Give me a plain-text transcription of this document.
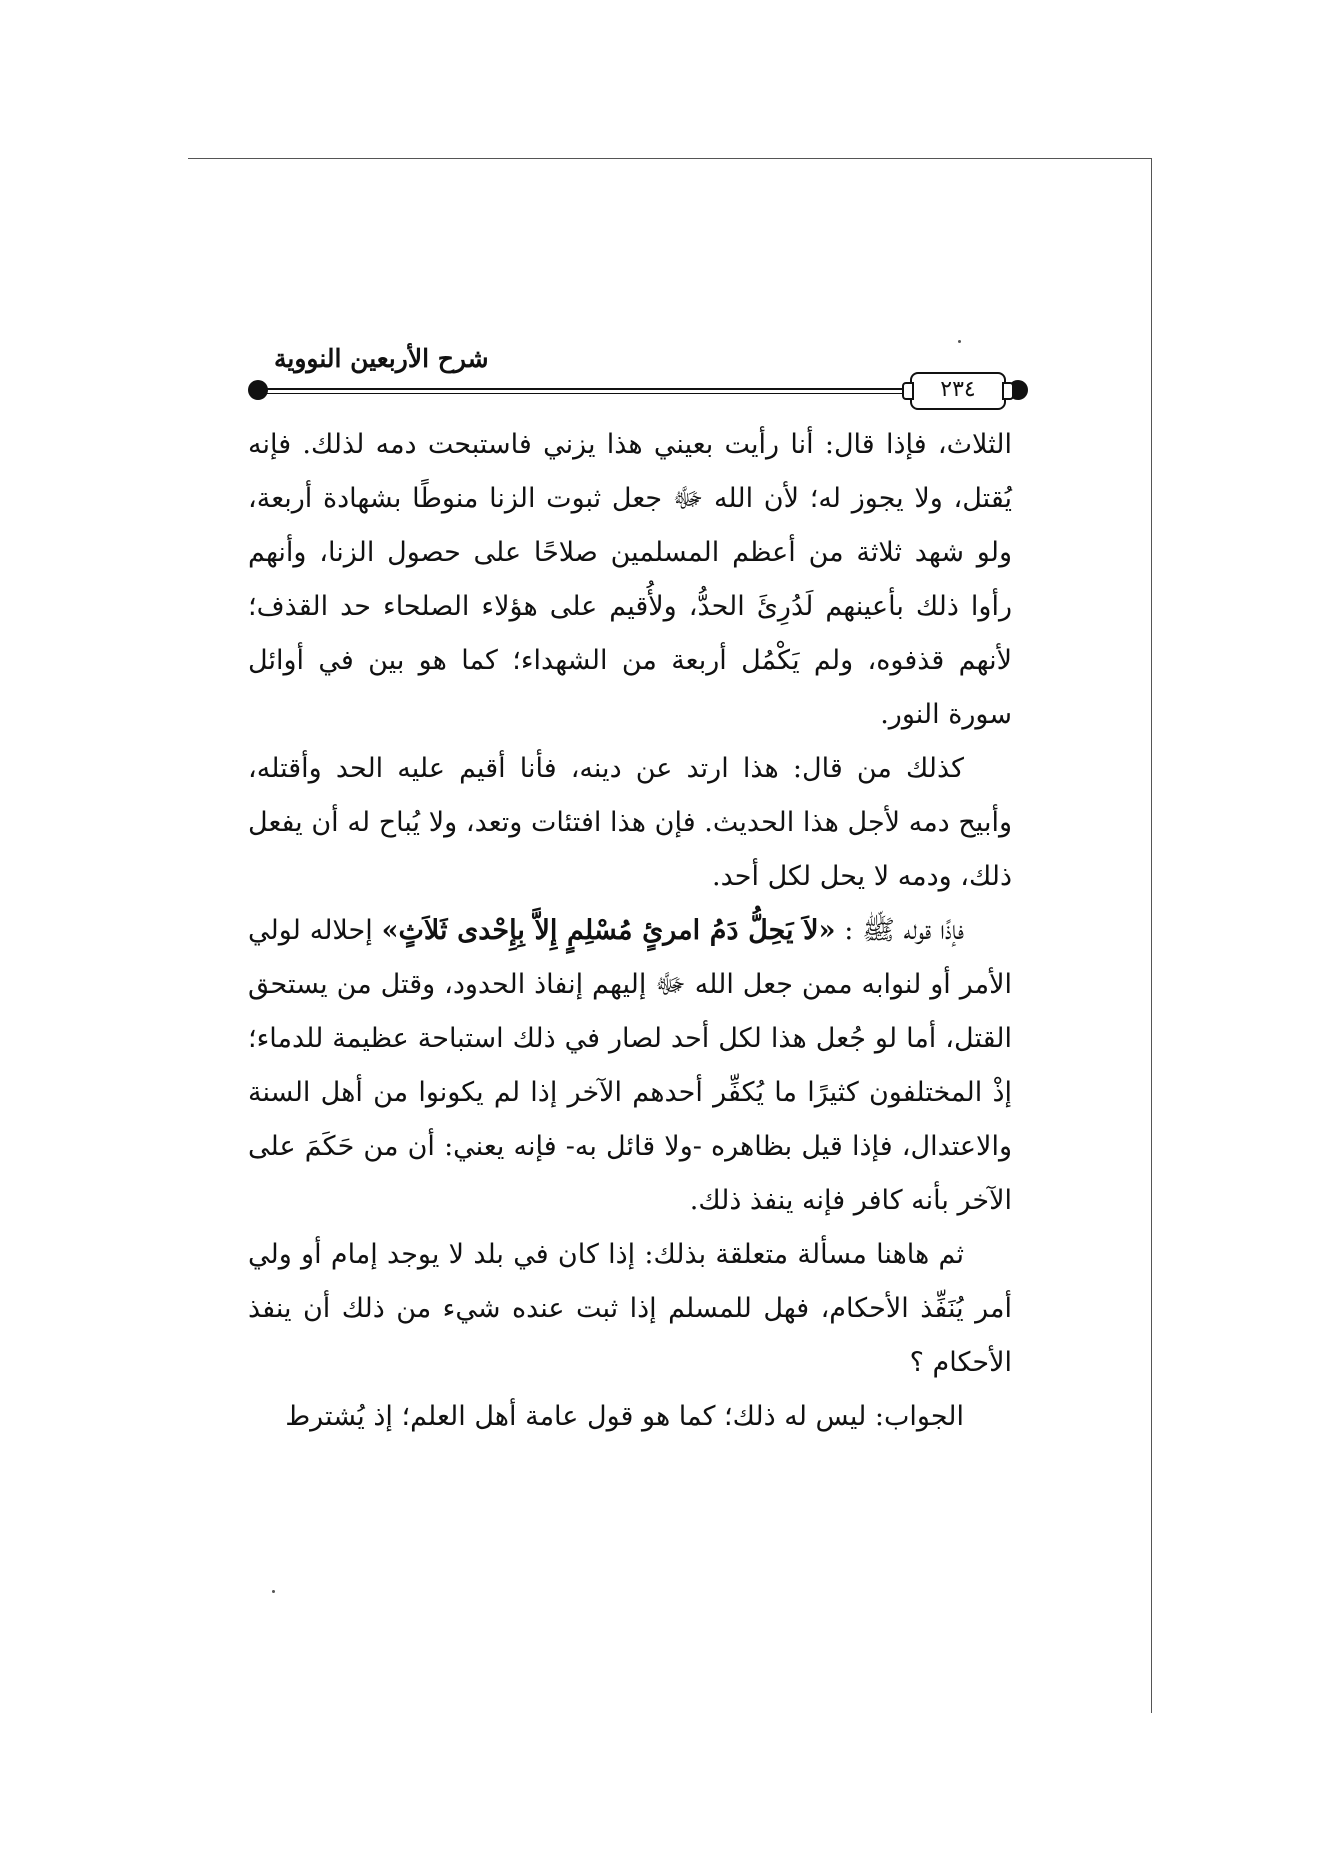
شرح الأربعين النووية
٢٣٤

الثلاث، فإذا قال: أنا رأيت بعيني هذا يزني فاستبحت دمه لذلك. فإنه يُقتل، ولا يجوز له؛ لأن الله ﷻ جعل ثبوت الزنا منوطًا بشهادة أربعة، ولو شهد ثلاثة من أعظم المسلمين صلاحًا على حصول الزنا، وأنهم رأوا ذلك بأعينهم لَدُرِئَ الحدُّ، ولأُقيم على هؤلاء الصلحاء حد القذف؛ لأنهم قذفوه، ولم يَكْمُل أربعة من الشهداء؛ كما هو بين في أوائل سورة النور.

كذلك من قال: هذا ارتد عن دينه، فأنا أقيم عليه الحد وأقتله، وأبيح دمه لأجل هذا الحديث. فإن هذا افتئات وتعد، ولا يُباح له أن يفعل ذلك، ودمه لا يحل لكل أحد.

فإذًا قوله ﷺ : «لاَ يَحِلُّ دَمُ امرئٍ مُسْلِمٍ إِلاَّ بِإِحْدى ثَلاَثٍ» إحلاله لولي الأمر أو لنوابه ممن جعل الله ﷻ إليهم إنفاذ الحدود، وقتل من يستحق القتل، أما لو جُعل هذا لكل أحد لصار في ذلك استباحة عظيمة للدماء؛ إذْ المختلفون كثيرًا ما يُكفِّر أحدهم الآخر إذا لم يكونوا من أهل السنة والاعتدال، فإذا قيل بظاهره -ولا قائل به- فإنه يعني: أن من حَكَمَ على الآخر بأنه كافر فإنه ينفذ ذلك.

ثم هاهنا مسألة متعلقة بذلك: إذا كان في بلد لا يوجد إمام أو ولي أمر يُنَفِّذ الأحكام، فهل للمسلم إذا ثبت عنده شيء من ذلك أن ينفذ الأحكام ؟

الجواب: ليس له ذلك؛ كما هو قول عامة أهل العلم؛ إذ يُشترط
